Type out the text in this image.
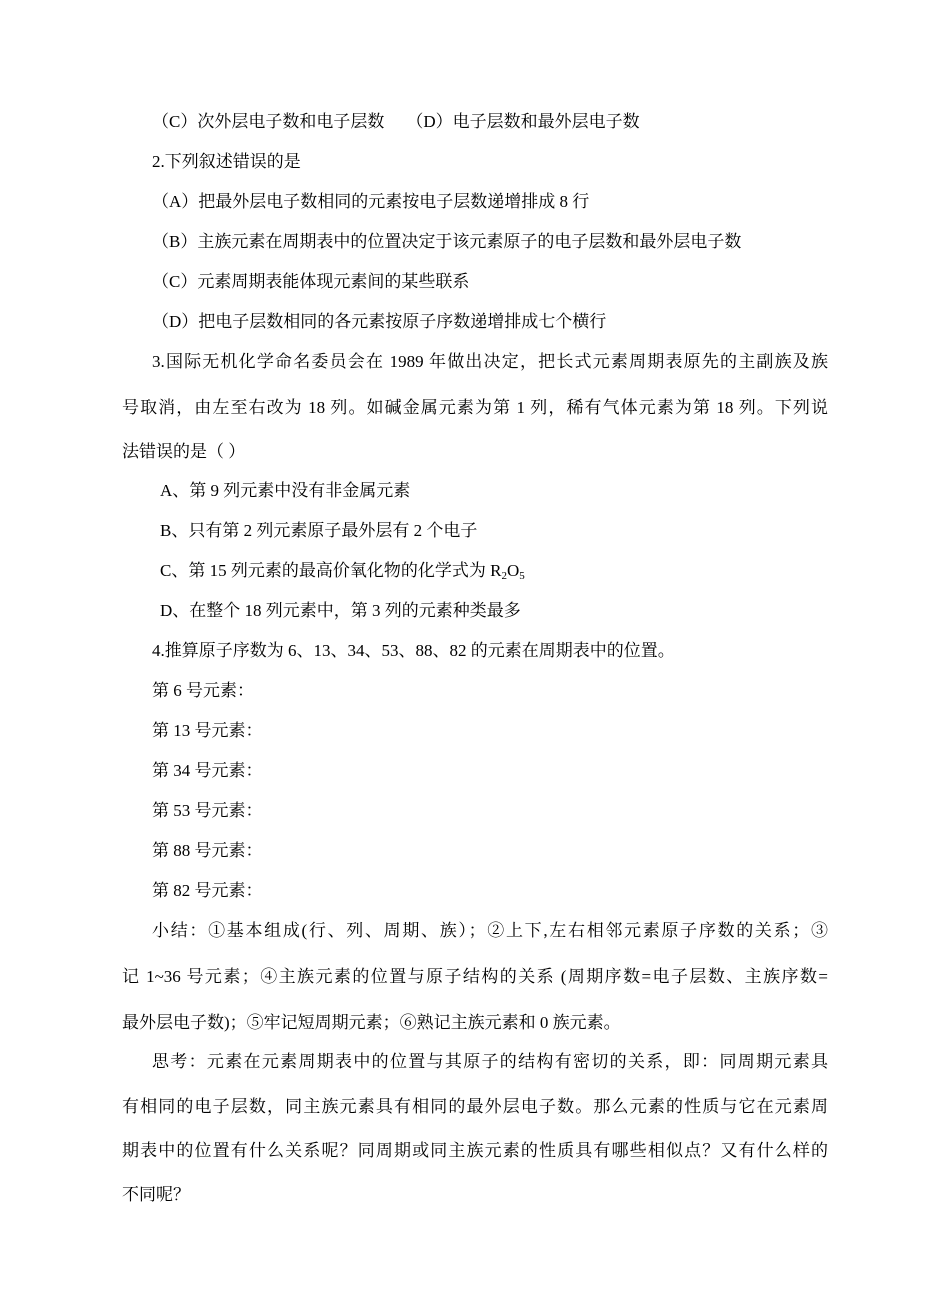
（C）次外层电子数和电子层数 （D）电子层数和最外层电子数
2.下列叙述错误的是
（A）把最外层电子数相同的元素按电子层数递增排成 8 行
（B）主族元素在周期表中的位置决定于该元素原子的电子层数和最外层电子数
（C）元素周期表能体现元素间的某些联系
（D）把电子层数相同的各元素按原子序数递增排成七个横行
3.国际无机化学命名委员会在 1989 年做出决定，把长式元素周期表原先的主副族及族
号取消，由左至右改为 18 列。如碱金属元素为第 1 列，稀有气体元素为第 18 列。下列说
法错误的是（ ）
A、第 9 列元素中没有非金属元素
B、只有第 2 列元素原子最外层有 2 个电子
C、第 15 列元素的最高价氧化物的化学式为 $R_2O_5$
D、在整个 18 列元素中，第 3 列的元素种类最多
4.推算原子序数为 6、13、34、53、88、82 的元素在周期表中的位置。
第 6 号元素：
第 13 号元素：
第 34 号元素：
第 53 号元素：
第 88 号元素：
第 82 号元素：
小结：①基本组成(行、列、周期、族）；②上下,左右相邻元素原子序数的关系；③
记 1~36 号元素；④主族元素的位置与原子结构的关系 (周期序数=电子层数、主族序数=
最外层电子数)；⑤牢记短周期元素；⑥熟记主族元素和 0 族元素。
思考：元素在元素周期表中的位置与其原子的结构有密切的关系，即：同周期元素具
有相同的电子层数，同主族元素具有相同的最外层电子数。那么元素的性质与它在元素周
期表中的位置有什么关系呢？同周期或同主族元素的性质具有哪些相似点？又有什么样的
不同呢？
